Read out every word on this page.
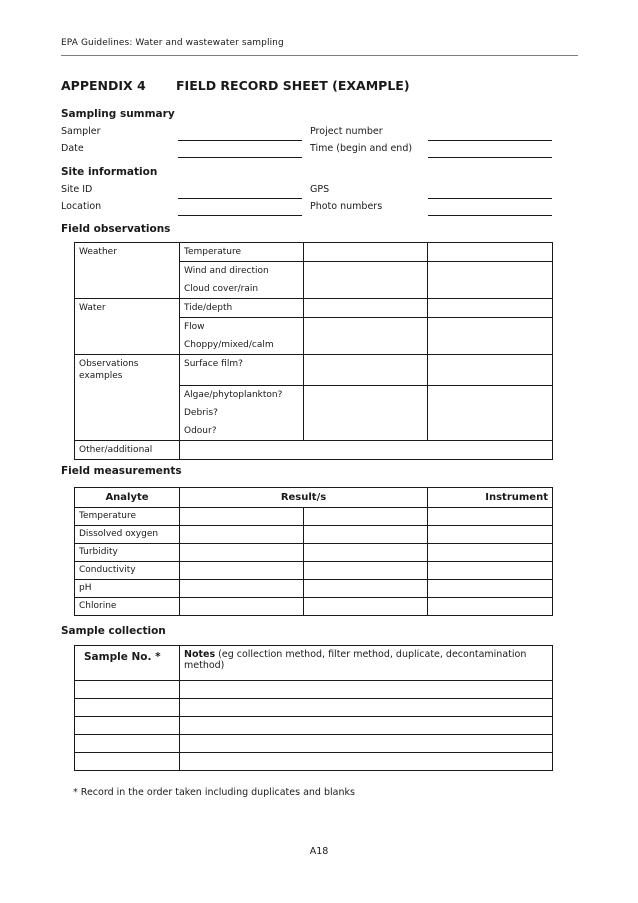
EPA Guidelines: Water and wastewater sampling
APPENDIX 4 FIELD RECORD SHEET (EXAMPLE)
Sampling summary
Sampler	Project number
Date	Time (begin and end)
Site information
Site ID	GPS
Location	Photo numbers
Field observations
Weather	Temperature		
	Wind and direction		
	Cloud cover/rain		
Water	Tide/depth		
	Flow		
	Choppy/mixed/calm		
Observations examples	Surface film?		
	Algae/phytoplankton?		
	Debris?		
	Odour?		
Other/additional			
Field measurements
Analyte	Result/s		Instrument
Temperature			
Dissolved oxygen			
Turbidity			
Conductivity			
pH			
Chlorine			
Sample collection
Sample No. *	Notes (eg collection method, filter method, duplicate, decontamination method)

* Record in the order taken including duplicates and blanks
A18
